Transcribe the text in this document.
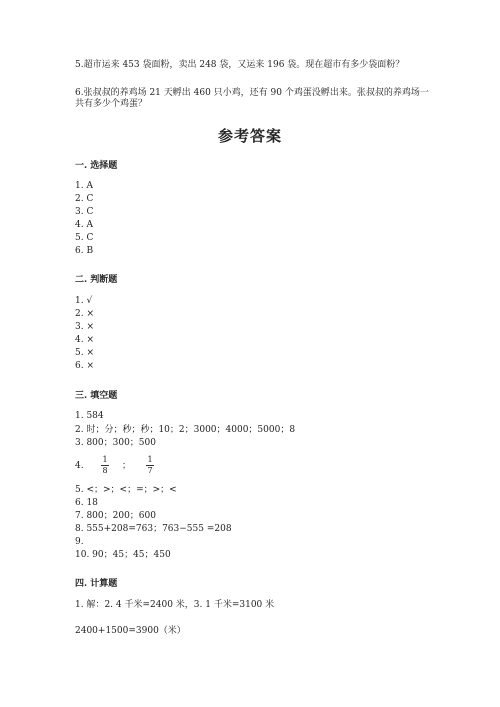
5.超市运来 453 袋面粉，卖出 248 袋，又运来 196 袋。现在超市有多少袋面粉？
6.张叔叔的养鸡场 21 天孵出 460 只小鸡，还有 90 个鸡蛋没孵出来。张叔叔的养鸡场一共有多少个鸡蛋？
参考答案
一. 选择题
1. A
2. C
3. C
4. A
5. C
6. B
二. 判断题
1. √
2. ×
3. ×
4. ×
5. ×
6. ×
三. 填空题
1. 584
2. 时；分；秒；秒；10；2；3000；4000；5000；8
3. 800；300；500
4.
1
8 ；
1
7
5. <；>；<；=；>；<
6. 18
7. 800；200；600
8. 555+208=763；763−555 =208
9.
10. 90；45；45；450
四. 计算题
1. 解：2. 4 千米=2400 米，3. 1 千米=3100 米
2400+1500=3900（米）
